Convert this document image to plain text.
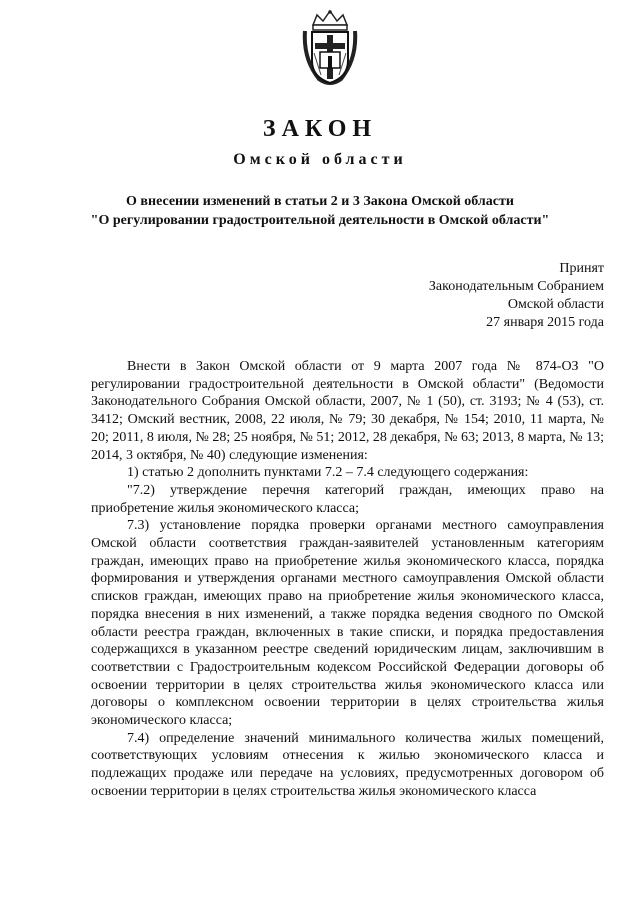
ЗАКОН
Омской области
О внесении изменений в статьи 2 и 3 Закона Омской области
"О регулировании градостроительной деятельности в Омской области"
Принят
Законодательным Собранием
Омской области
27 января 2015 года

Внести в Закон Омской области от 9 марта 2007 года № 874-ОЗ "О регулировании градостроительной деятельности в Омской области" (Ведомости Законодательного Собрания Омской области, 2007, № 1 (50), ст. 3193; № 4 (53), ст. 3412; Омский вестник, 2008, 22 июля, № 79; 30 декабря, № 154; 2010, 11 марта, № 20; 2011, 8 июля, № 28; 25 ноября, № 51; 2012, 28 декабря, № 63; 2013, 8 марта, № 13; 2014, 3 октября, № 40) следующие изменения:

1) статью 2 дополнить пунктами 7.2 – 7.4 следующего содержания:

"7.2) утверждение перечня категорий граждан, имеющих право на приобретение жилья экономического класса;

7.3) установление порядка проверки органами местного самоуправления Омской области соответствия граждан-заявителей установленным категориям граждан, имеющих право на приобретение жилья экономического класса, порядка формирования и утверждения органами местного самоуправления Омской области списков граждан, имеющих право на приобретение жилья экономического класса, порядка внесения в них изменений, а также порядка ведения сводного по Омской области реестра граждан, включенных в такие списки, и порядка предоставления содержащихся в указанном реестре сведений юридическим лицам, заключившим в соответствии с Градостроительным кодексом Российской Федерации договоры об освоении территории в целях строительства жилья экономического класса или договоры о комплексном освоении территории в целях строительства жилья экономического класса;

7.4) определение значений минимального количества жилых помещений, соответствующих условиям отнесения к жилью экономического класса и подлежащих продаже или передаче на условиях, предусмотренных договором об освоении территории в целях строительства жилья экономического класса
